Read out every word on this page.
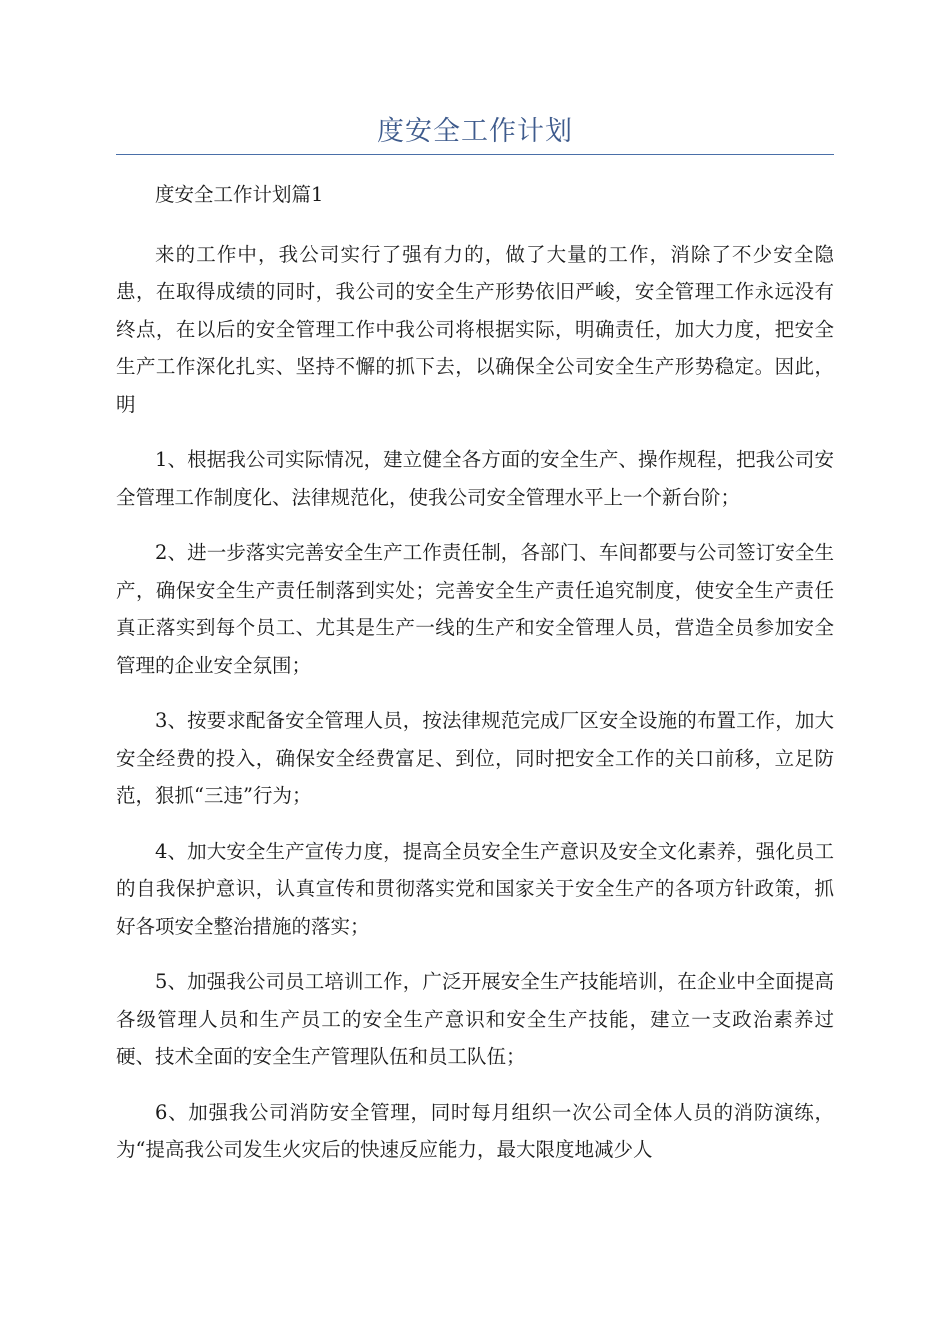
度安全工作计划

度安全工作计划篇1

来的工作中，我公司实行了强有力的，做了大量的工作，消除了不少安全隐患，在取得成绩的同时，我公司的安全生产形势依旧严峻，安全管理工作永远没有终点，在以后的安全管理工作中我公司将根据实际，明确责任，加大力度，把安全生产工作深化扎实、坚持不懈的抓下去，以确保全公司安全生产形势稳定。因此，明

1、根据我公司实际情况，建立健全各方面的安全生产、操作规程，把我公司安全管理工作制度化、法律规范化，使我公司安全管理水平上一个新台阶；

2、进一步落实完善安全生产工作责任制，各部门、车间都要与公司签订安全生产，确保安全生产责任制落到实处；完善安全生产责任追究制度，使安全生产责任真正落实到每个员工、尤其是生产一线的生产和安全管理人员，营造全员参加安全管理的企业安全氛围；

3、按要求配备安全管理人员，按法律规范完成厂区安全设施的布置工作，加大安全经费的投入，确保安全经费富足、到位，同时把安全工作的关口前移，立足防范，狠抓“三违”行为；

4、加大安全生产宣传力度，提高全员安全生产意识及安全文化素养，强化员工的自我保护意识，认真宣传和贯彻落实党和国家关于安全生产的各项方针政策，抓好各项安全整治措施的落实；

5、加强我公司员工培训工作，广泛开展安全生产技能培训，在企业中全面提高各级管理人员和生产员工的安全生产意识和安全生产技能，建立一支政治素养过硬、技术全面的安全生产管理队伍和员工队伍；

6、加强我公司消防安全管理，同时每月组织一次公司全体人员的消防演练，为“提高我公司发生火灾后的快速反应能力，最大限度地减少人
